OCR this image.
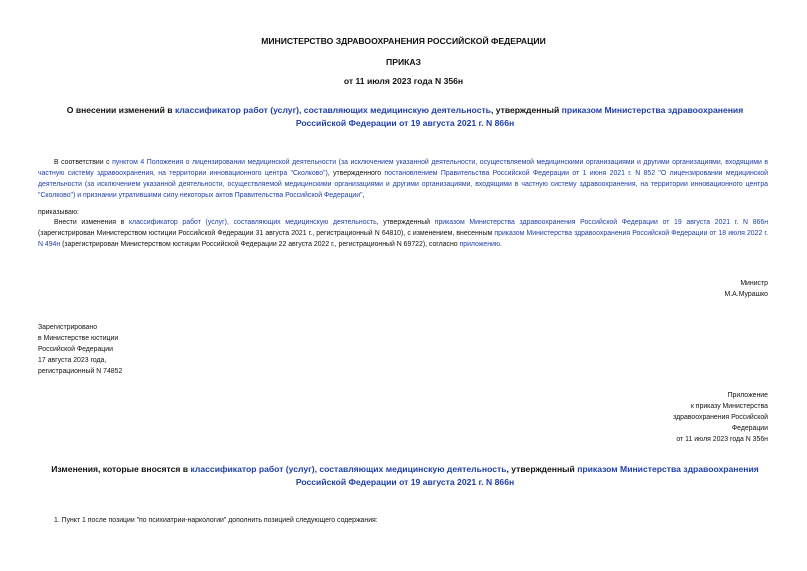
МИНИСТЕРСТВО ЗДРАВООХРАНЕНИЯ РОССИЙСКОЙ ФЕДЕРАЦИИ
ПРИКАЗ
от 11 июля 2023 года N 356н
О внесении изменений в классификатор работ (услуг), составляющих медицинскую деятельность, утвержденный приказом Министерства здравоохранения Российской Федерации от 19 августа 2021 г. N 866н
В соответствии с пунктом 4 Положения о лицензировании медицинской деятельности (за исключением указанной деятельности, осуществляемой медицинскими организациями и другими организациями, входящими в частную систему здравоохранения, на территории инновационного центра "Сколково"), утвержденного постановлением Правительства Российской Федерации от 1 июня 2021 г. N 852 "О лицензировании медицинской деятельности (за исключением указанной деятельности, осуществляемой медицинскими организациями и другими организациями, входящими в частную систему здравоохранения, на территории инновационного центра "Сколково") и признании утратившими силу некоторых актов Правительства Российской Федерации",
приказываю:
Внести изменения в классификатор работ (услуг), составляющих медицинскую деятельность, утвержденный приказом Министерства здравоохранения Российской Федерации от 19 августа 2021 г. N 866н (зарегистрирован Министерством юстиции Российской Федерации 31 августа 2021 г., регистрационный N 64810), с изменением, внесенным приказом Министерства здравоохранения Российской Федерации от 18 июля 2022 г. N 494н (зарегистрирован Министерством юстиции Российской Федерации 22 августа 2022 г., регистрационный N 69722), согласно приложению.
Министр
М.А.Мурашко
Зарегистрировано
в Министерстве юстиции
Российской Федерации
17 августа 2023 года,
регистрационный N 74852
Приложение
к приказу Министерства
здравоохранения Российской
Федерации
от 11 июля 2023 года N 356н
Изменения, которые вносятся в классификатор работ (услуг), составляющих медицинскую деятельность, утвержденный приказом Министерства здравоохранения Российской Федерации от 19 августа 2021 г. N 866н
1. Пункт 1 после позиции "по психиатрии-наркологии" дополнить позицией следующего содержания:
